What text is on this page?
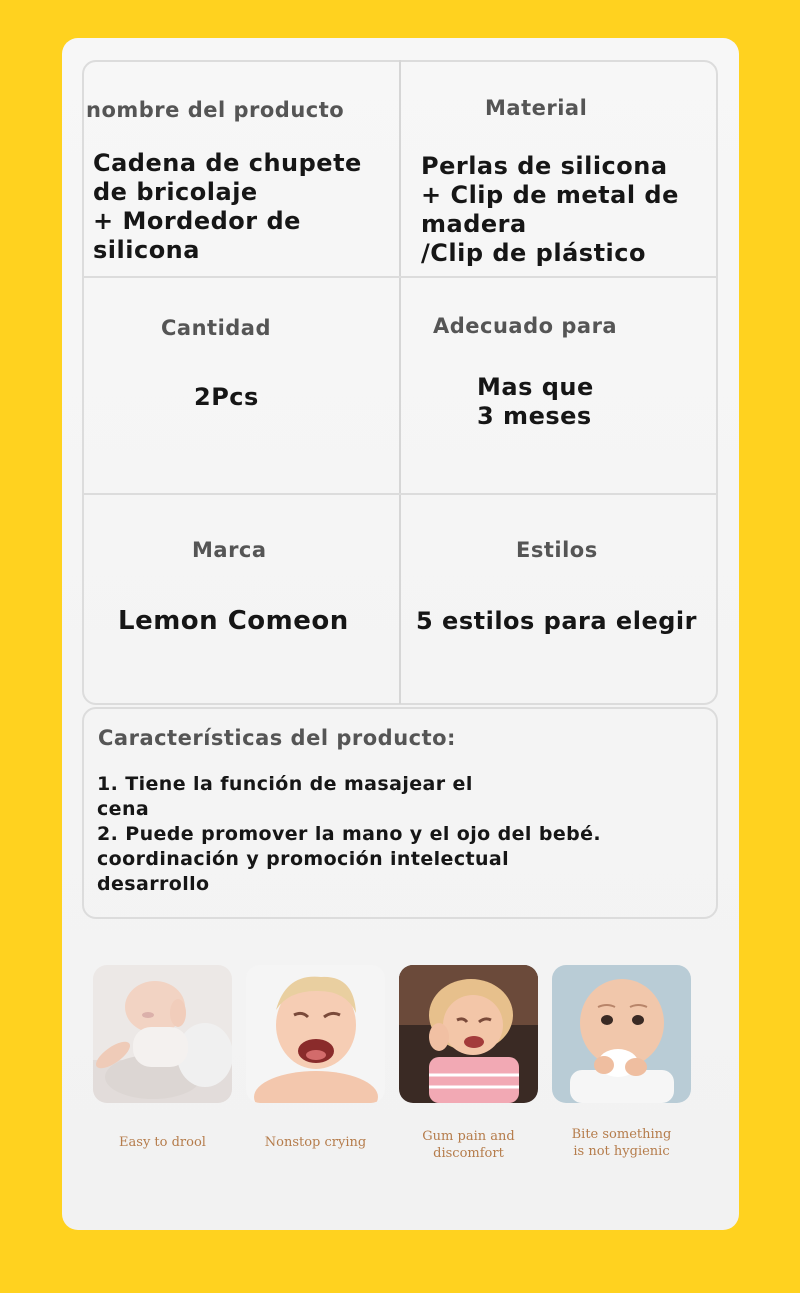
nombre del producto
Cadena de chupete
de bricolaje
+ Mordedor de
silicona
Material
Perlas de silicona
+ Clip de metal de
madera
/Clip de plástico
Cantidad
2Pcs
Adecuado para
Mas que
3 meses
Marca
Lemon Comeon
Estilos
5 estilos para elegir
Características del producto:
1. Tiene la función de masajear el
cena
2. Puede promover la mano y el ojo del bebé.
coordinación y promoción intelectual
desarrollo
Easy to drool	Nonstop crying	Gum pain and
discomfort
Bite something
is not hygienic
